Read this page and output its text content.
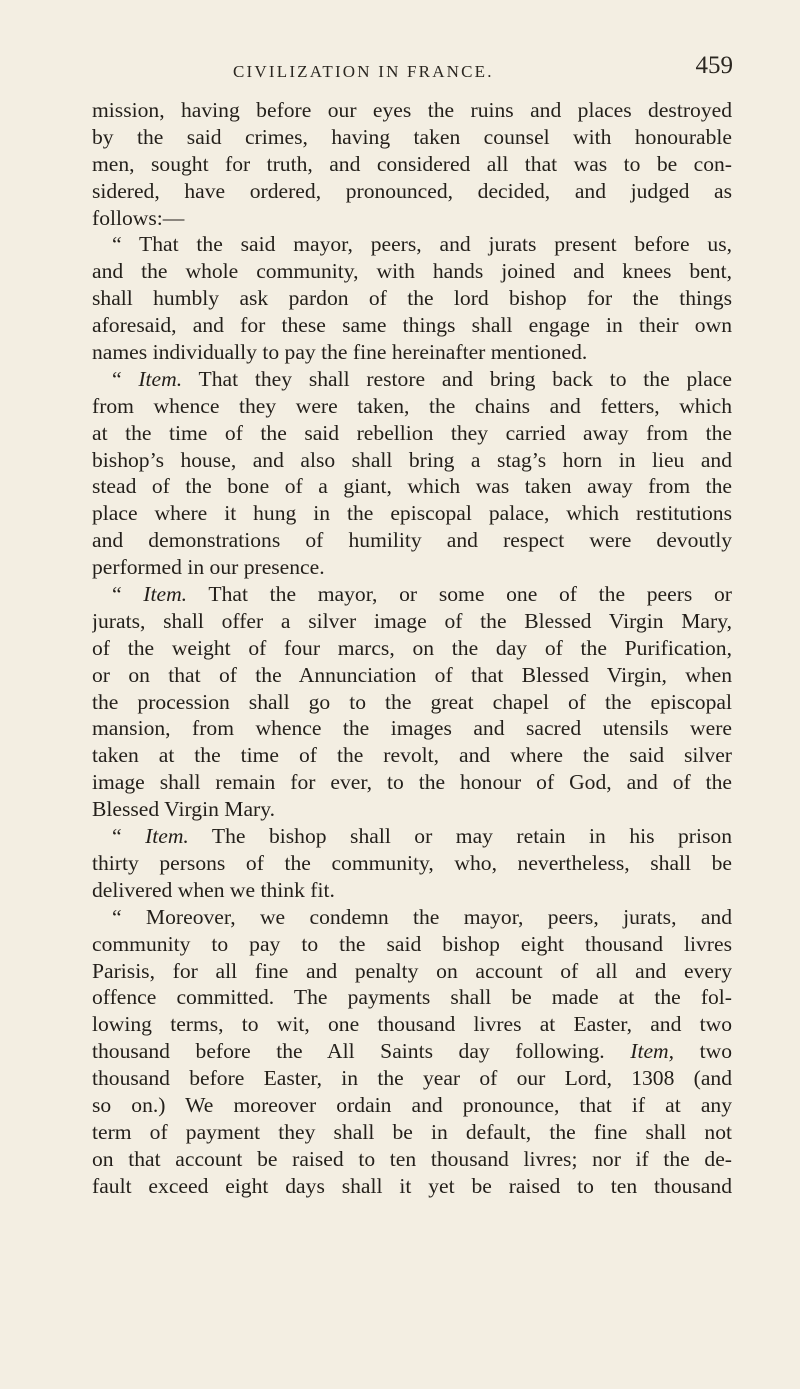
CIVILIZATION IN FRANCE.	459
mission, having before our eyes the ruins and places destroyed
by the said crimes, having taken counsel with honourable
men, sought for truth, and considered all that was to be con-
sidered, have ordered, pronounced, decided, and judged as
follows:—
“ That the said mayor, peers, and jurats present before us,
and the whole community, with hands joined and knees bent,
shall humbly ask pardon of the lord bishop for the things
aforesaid, and for these same things shall engage in their own
names individually to pay the fine hereinafter mentioned.
“ Item. That they shall restore and bring back to the place
from whence they were taken, the chains and fetters, which
at the time of the said rebellion they carried away from the
bishop’s house, and also shall bring a stag’s horn in lieu and
stead of the bone of a giant, which was taken away from the
place where it hung in the episcopal palace, which restitutions
and demonstrations of humility and respect were devoutly
performed in our presence.
“ Item. That the mayor, or some one of the peers or
jurats, shall offer a silver image of the Blessed Virgin Mary,
of the weight of four marcs, on the day of the Purification,
or on that of the Annunciation of that Blessed Virgin, when
the procession shall go to the great chapel of the episcopal
mansion, from whence the images and sacred utensils were
taken at the time of the revolt, and where the said silver
image shall remain for ever, to the honour of God, and of the
Blessed Virgin Mary.
“ Item. The bishop shall or may retain in his prison
thirty persons of the community, who, nevertheless, shall be
delivered when we think fit.
“ Moreover, we condemn the mayor, peers, jurats, and
community to pay to the said bishop eight thousand livres
Parisis, for all fine and penalty on account of all and every
offence committed. The payments shall be made at the fol-
lowing terms, to wit, one thousand livres at Easter, and two
thousand before the All Saints day following. Item, two
thousand before Easter, in the year of our Lord, 1308 (and
so on.) We moreover ordain and pronounce, that if at any
term of payment they shall be in default, the fine shall not
on that account be raised to ten thousand livres; nor if the de-
fault exceed eight days shall it yet be raised to ten thousand
